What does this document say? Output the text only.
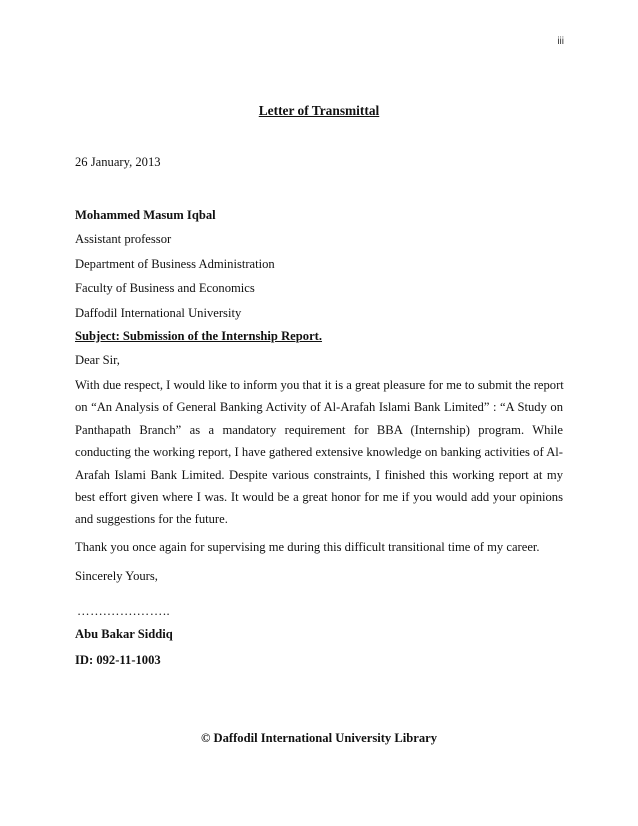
iii
Letter of Transmittal
26 January, 2013
Mohammed Masum Iqbal
Assistant professor
Department of Business Administration
Faculty of Business and Economics
Daffodil International University
Subject: Submission of the Internship Report.
Dear Sir,
With due respect, I would like to inform you that it is a great pleasure for me to submit the report
on “An Analysis of General Banking Activity of Al-Arafah Islami Bank Limited” : “A Study on
Panthapath Branch” as a mandatory requirement for BBA (Internship) program. While
conducting the working report, I have gathered extensive knowledge on banking activities of Al-
Arafah Islami Bank Limited. Despite various constraints, I finished this working report at my
best effort given where I was. It would be a great honor for me if you would add your opinions
and suggestions for the future.
Thank you once again for supervising me during this difficult transitional time of my career.
Sincerely Yours,
…….…….……..
Abu Bakar Siddiq
ID: 092-11-1003
© Daffodil International University Library
